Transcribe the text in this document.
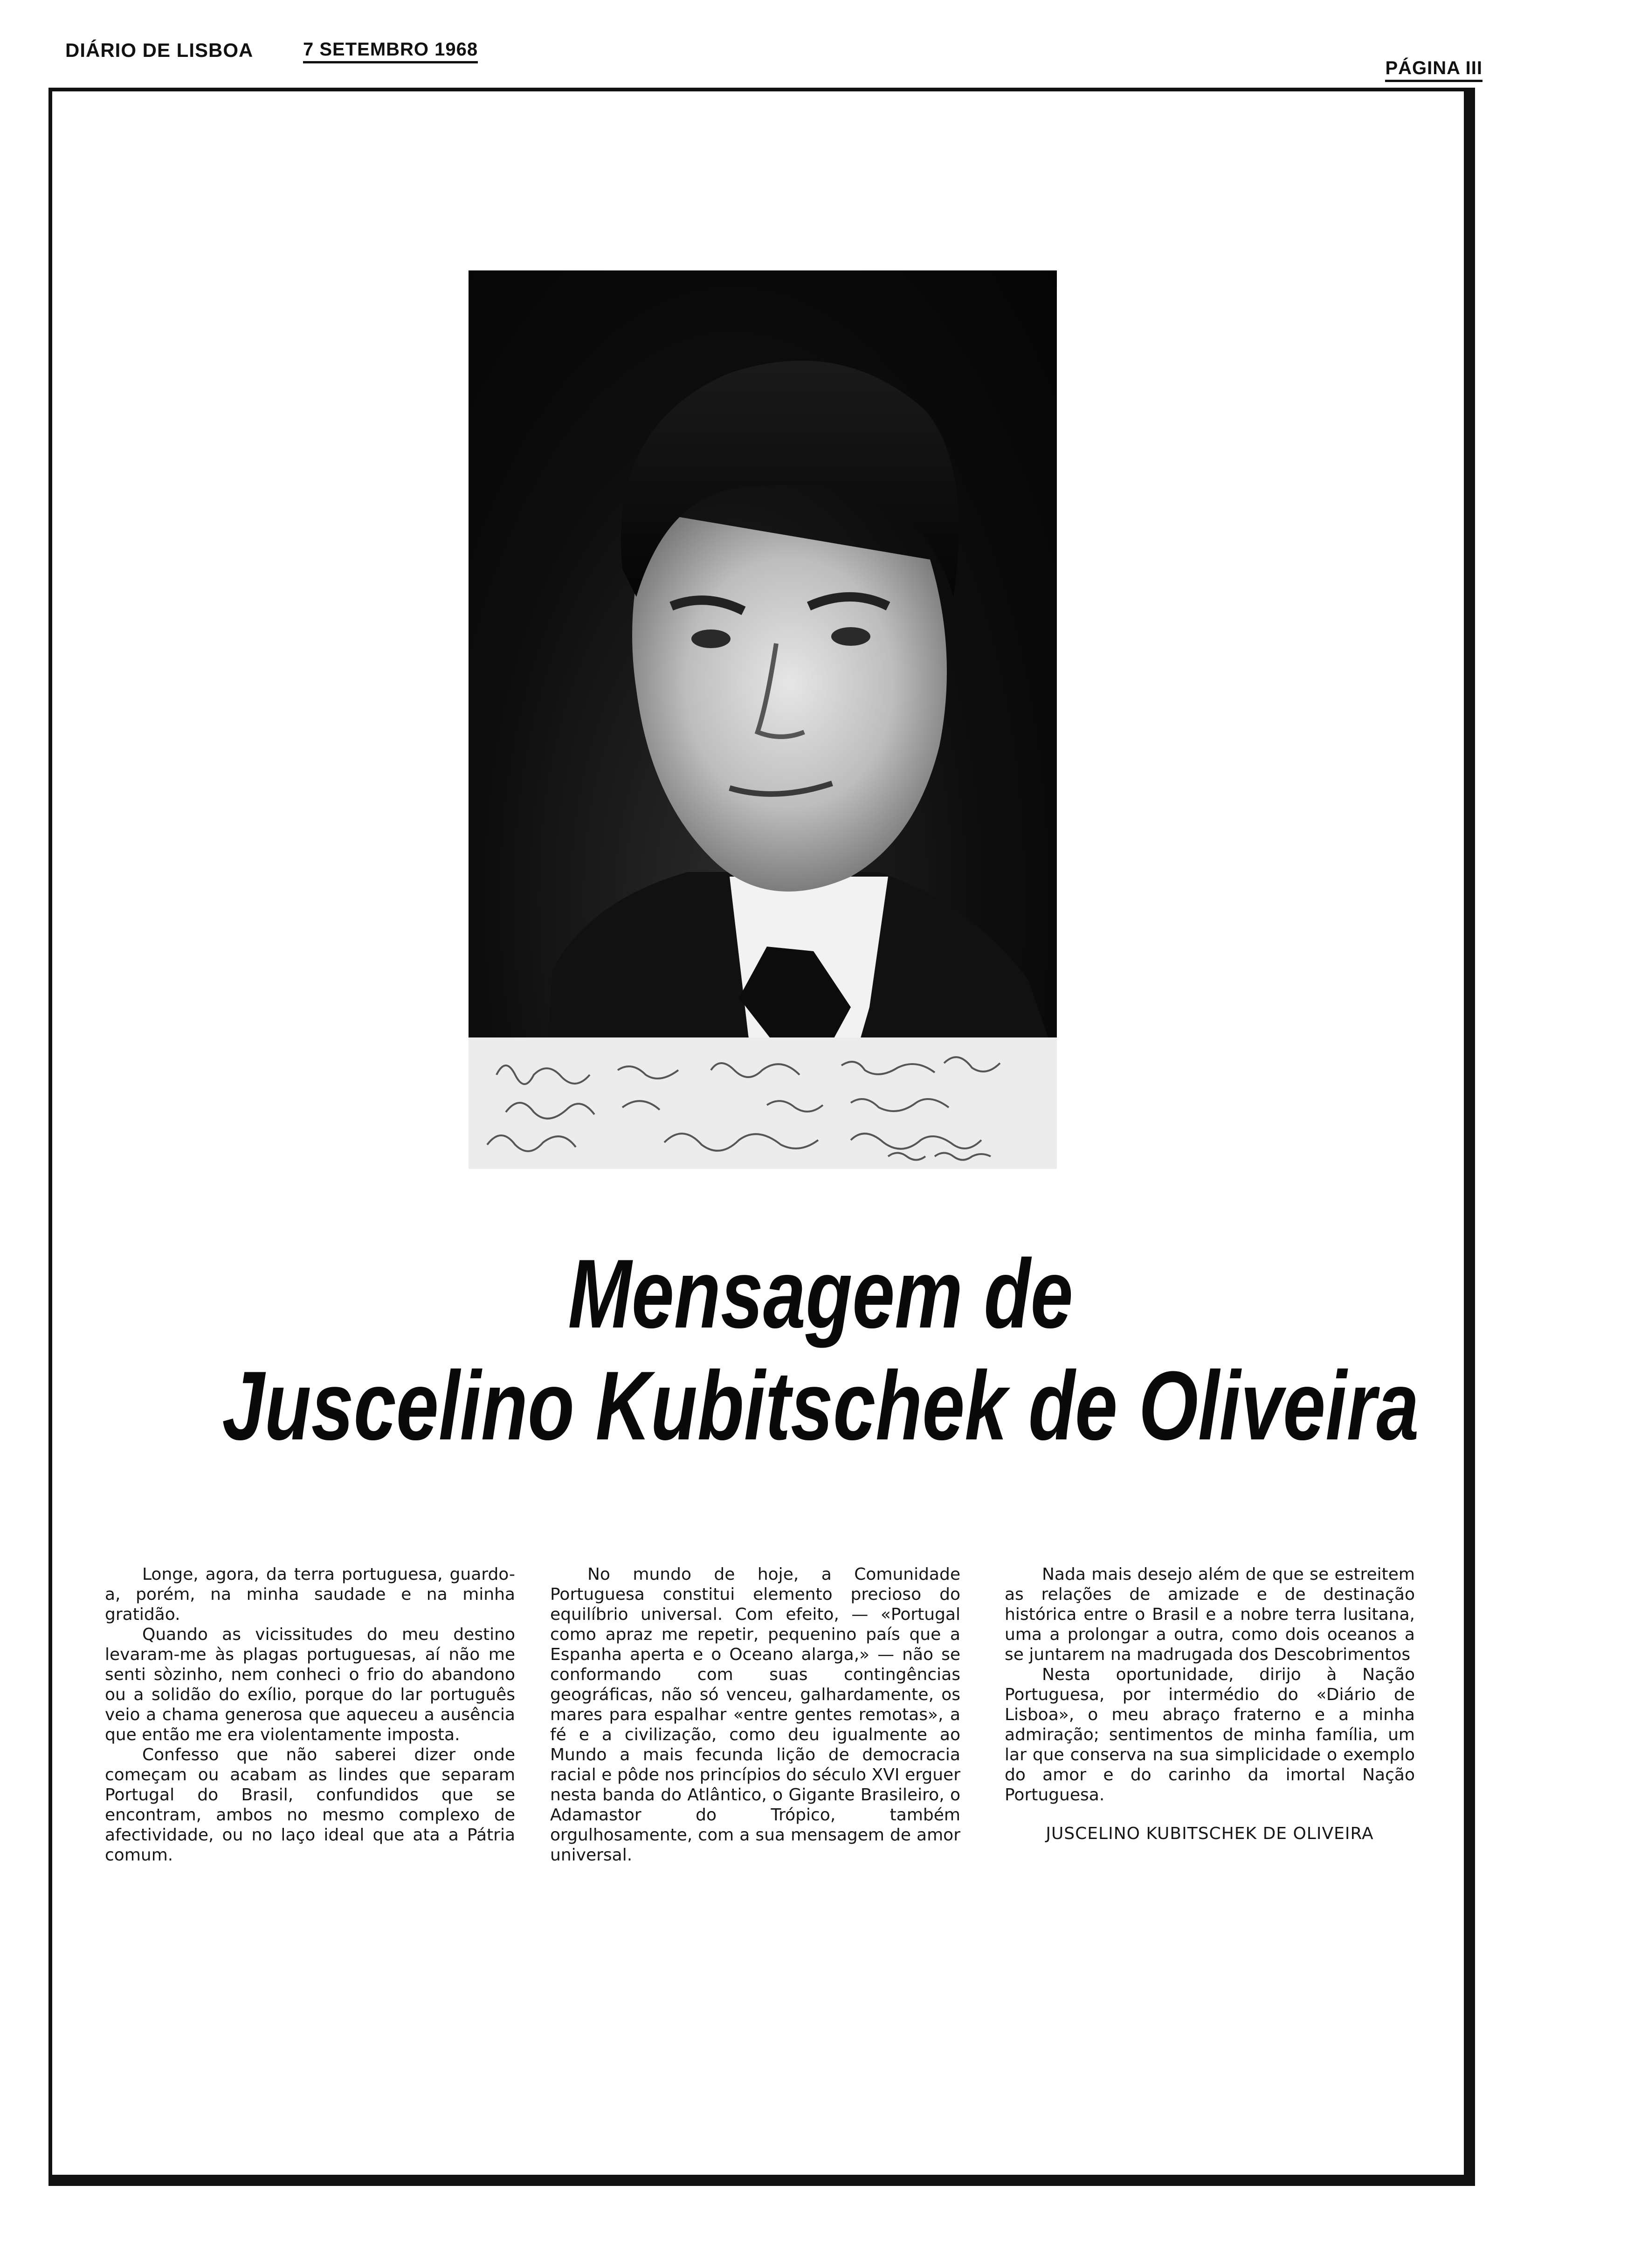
DIÁRIO DE LISBOA	7 SETEMBRO 1968
PÁGINA III
Mensagem de
Juscelino Kubitschek de Oliveira

Longe, agora, da terra portuguesa, guardo-a, porém, na minha saudade e na minha gratidão.

Quando as vicissitudes do meu destino levaram-me às plagas portuguesas, aí não me senti sòzinho, nem conheci o frio do abandono ou a solidão do exílio, porque do lar português veio a chama generosa que aqueceu a ausência que então me era violentamente imposta.

Confesso que não saberei dizer onde começam ou acabam as lindes que separam Portugal do Brasil, confundidos que se encontram, ambos no mesmo complexo de afectividade, ou no laço ideal que ata a Pátria comum.

No mundo de hoje, a Comunidade Portuguesa constitui elemento precioso do equilíbrio universal. Com efeito, — «Portugal como apraz me repetir, pequenino país que a Espanha aperta e o Oceano alarga,» — não se conformando com suas contingências geográficas, não só venceu, galhardamente, os mares para espalhar «entre gentes remotas», a fé e a civilização, como deu igualmente ao Mundo a mais fecunda lição de democracia racial e pôde nos princípios do século XVI erguer nesta banda do Atlântico, o Gigante Brasileiro, o Adamastor do Trópico, também orgulhosamente, com a sua mensagem de amor universal.

Nada mais desejo além de que se estreitem as relações de amizade e de destinação histórica entre o Brasil e a nobre terra lusitana, uma a prolongar a outra, como dois oceanos a se juntarem na madrugada dos Descobrimentos

Nesta oportunidade, dirijo à Nação Portuguesa, por intermédio do «Diário de Lisboa», o meu abraço fraterno e a minha admiração; sentimentos de minha família, um lar que conserva na sua simplicidade o exemplo do amor e do carinho da imortal Nação Portuguesa.

JUSCELINO KUBITSCHEK DE OLIVEIRA
